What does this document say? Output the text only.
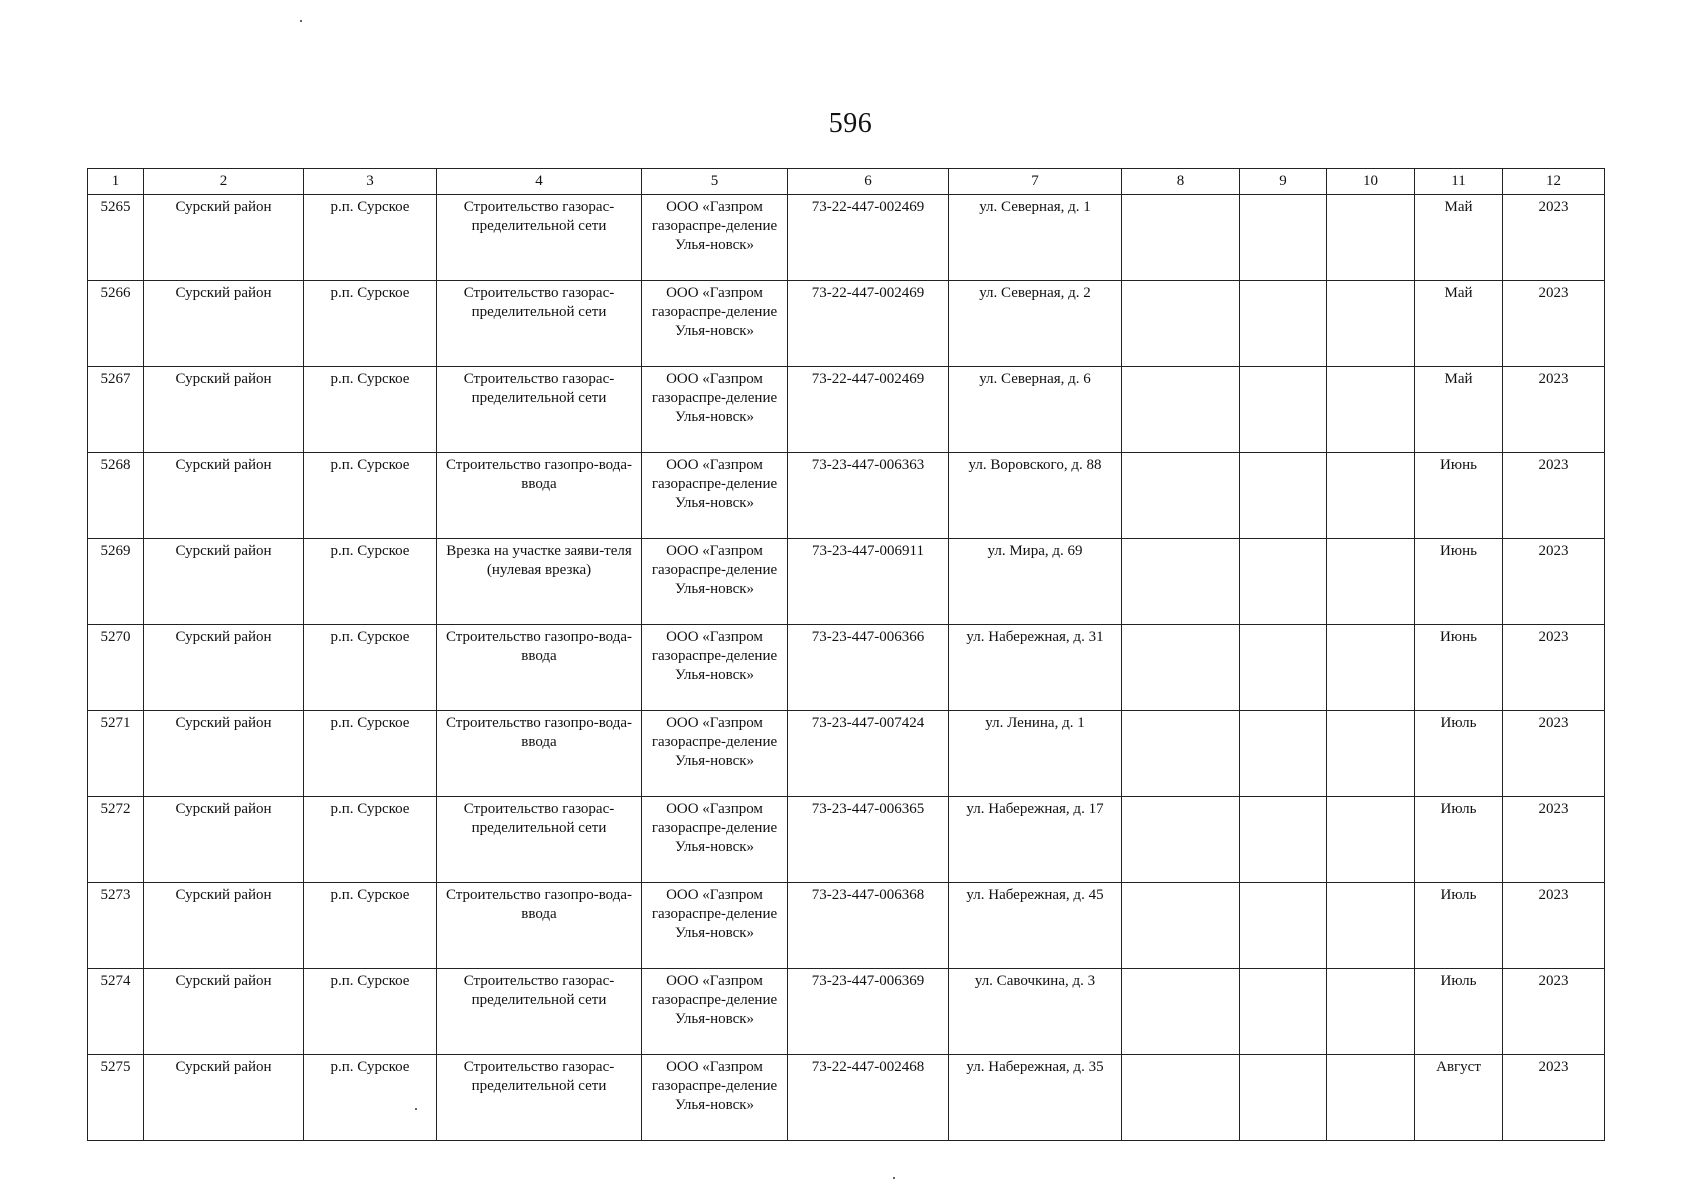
596
1	2	3	4	5	6	7	8	9	10	11	12
5265	Сурский район	р.п. Сурское	Строительство газорас-пределительной сети	ООО «Газпром газораспре-деление Улья-новск»	73-22-447-002469	ул. Северная, д. 1				Май	2023
5266	Сурский район	р.п. Сурское	Строительство газорас-пределительной сети	ООО «Газпром газораспре-деление Улья-новск»	73-22-447-002469	ул. Северная, д. 2				Май	2023
5267	Сурский район	р.п. Сурское	Строительство газорас-пределительной сети	ООО «Газпром газораспре-деление Улья-новск»	73-22-447-002469	ул. Северная, д. 6				Май	2023
5268	Сурский район	р.п. Сурское	Строительство газопро-вода-ввода	ООО «Газпром газораспре-деление Улья-новск»	73-23-447-006363	ул. Воровского, д. 88				Июнь	2023
5269	Сурский район	р.п. Сурское	Врезка на участке заяви-теля (нулевая врезка)	ООО «Газпром газораспре-деление Улья-новск»	73-23-447-006911	ул. Мира, д. 69				Июнь	2023
5270	Сурский район	р.п. Сурское	Строительство газопро-вода-ввода	ООО «Газпром газораспре-деление Улья-новск»	73-23-447-006366	ул. Набережная, д. 31				Июнь	2023
5271	Сурский район	р.п. Сурское	Строительство газопро-вода-ввода	ООО «Газпром газораспре-деление Улья-новск»	73-23-447-007424	ул. Ленина, д. 1				Июль	2023
5272	Сурский район	р.п. Сурское	Строительство газорас-пределительной сети	ООО «Газпром газораспре-деление Улья-новск»	73-23-447-006365	ул. Набережная, д. 17				Июль	2023
5273	Сурский район	р.п. Сурское	Строительство газопро-вода-ввода	ООО «Газпром газораспре-деление Улья-новск»	73-23-447-006368	ул. Набережная, д. 45				Июль	2023
5274	Сурский район	р.п. Сурское	Строительство газорас-пределительной сети	ООО «Газпром газораспре-деление Улья-новск»	73-23-447-006369	ул. Савочкина, д. 3				Июль	2023
5275	Сурский район	р.п. Сурское	Строительство газорас-пределительной сети	ООО «Газпром газораспре-деление Улья-новск»	73-22-447-002468	ул. Набережная, д. 35				Август	2023
